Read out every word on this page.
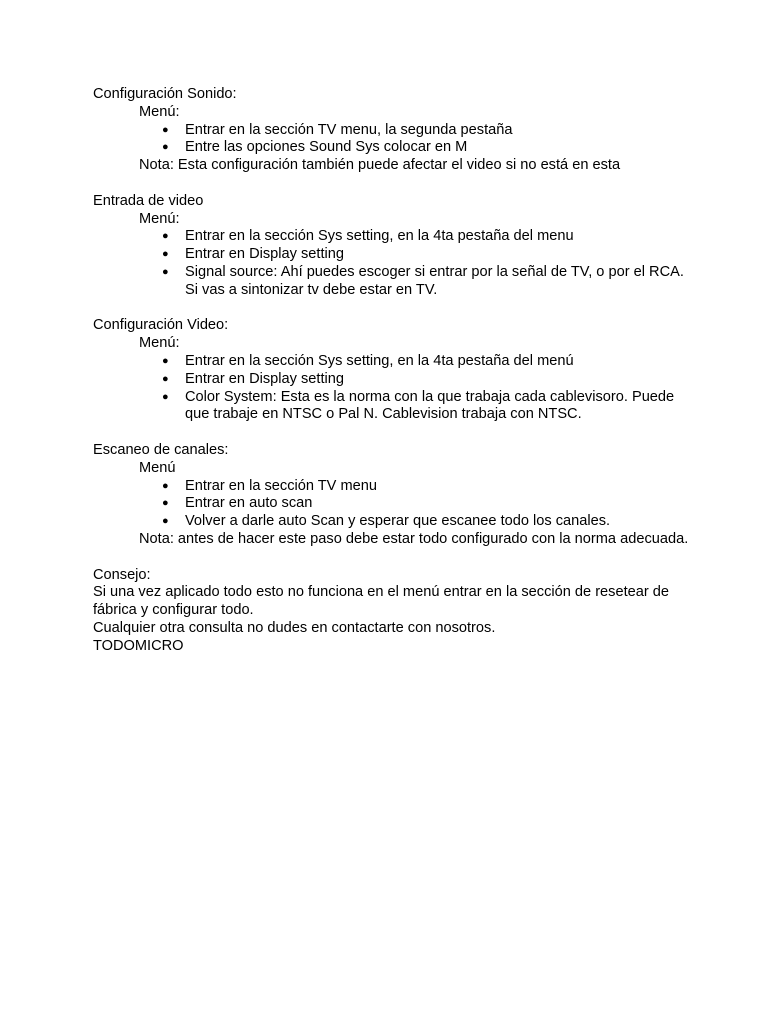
Configuración Sonido:
Menú:
● Entrar en la sección TV menu, la segunda pestaña
● Entre las opciones Sound Sys colocar en M
Nota: Esta configuración también puede afectar el video si no está en esta
Entrada de video
Menú:
● Entrar en la sección Sys setting, en la 4ta pestaña del menu
● Entrar en Display setting
● Signal source: Ahí puedes escoger si entrar por la señal de TV, o por el RCA. Si vas a sintonizar tv debe estar en TV.
Configuración Video:
Menú:
● Entrar en la sección Sys setting, en la 4ta pestaña del menú
● Entrar en Display setting
● Color System: Esta es la norma con la que trabaja cada cablevisoro. Puede que trabaje en NTSC o Pal N. Cablevision trabaja con NTSC.
Escaneo de canales:
Menú
● Entrar en la sección TV menu
● Entrar en auto scan
● Volver a darle auto Scan y esperar que escanee todo los canales.
Nota: antes de hacer este paso debe estar todo configurado con la norma adecuada.
Consejo:
Si una vez aplicado todo esto no funciona en el menú entrar en la sección de resetear de
fábrica y configurar todo.
Cualquier otra consulta no dudes en contactarte con nosotros.
TODOMICRO
